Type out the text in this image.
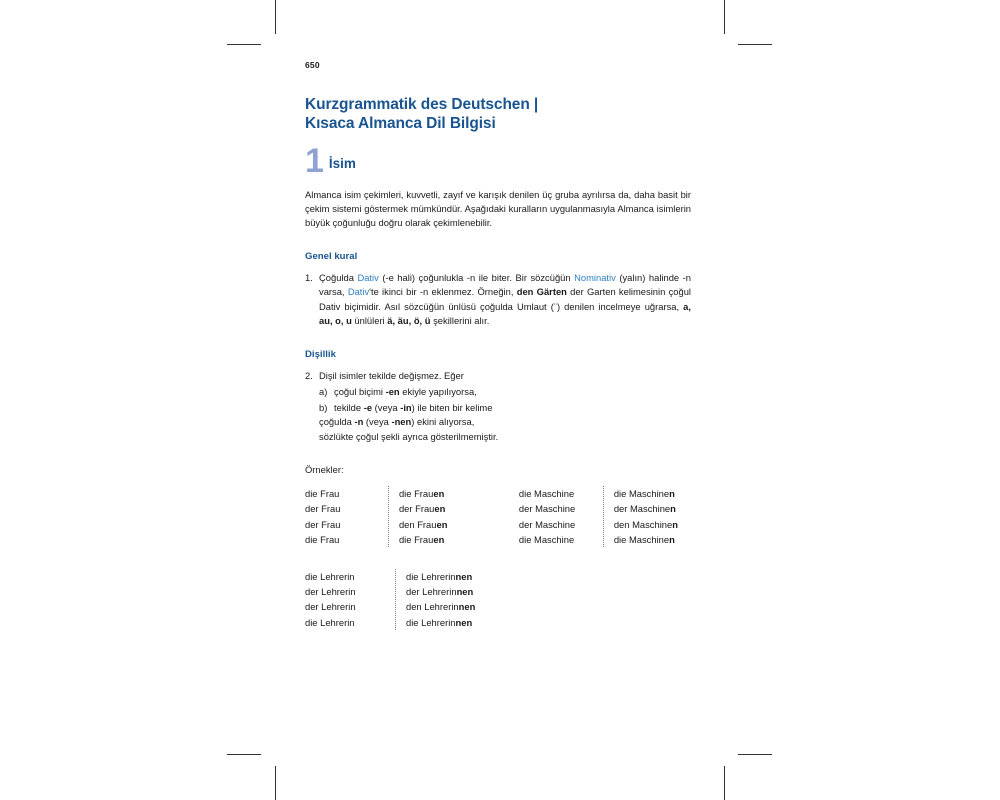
650
Kurzgrammatik des Deutschen |
Kısaca Almanca Dil Bilgisi
1 İsim

Almanca isim çekimleri, kuvvetli, zayıf ve karışık denilen üç gruba ayrılırsa da, daha basit bir çekim sistemi göstermek mümkündür. Aşağıdaki kuralların uygulanmasıyla Almanca isimlerin büyük çoğunluğu doğru olarak çekimlenebilir.

Genel kural
1. Çoğulda Dativ (-e hali) çoğunlukla -n ile biter. Bir sözcüğün Nominativ (yalın) halinde -n varsa, Dativ'te ikinci bir -n eklenmez. Örneğin, den Gärten der Garten kelimesinin çoğul Dativ biçimidir. Asıl sözcüğün ünlüsü çoğulda Umlaut (¨) denilen incelmeye uğrarsa, a, au, o, u ünlüleri ä, äu, ö, ü şekillerini alır.
Dişillik
2. Dişil isimler tekilde değişmez. Eğer
a) çoğul biçimi -en ekiyle yapılıyorsa,
b) tekilde -e (veya -in) ile biten bir kelime
çoğulda -n (veya -nen) ekini alıyorsa,
sözlükte çoğul şekli ayrıca gösterilmemiştir.
Örnekler:
die Frau
der Frau
der Frau
die Frau
die Frauen
der Frauen
den Frauen
die Frauen
die Maschine
der Maschine
der Maschine
die Maschine
die Maschinen
der Maschinen
den Maschinen
die Maschinen
die Lehrerin
der Lehrerin
der Lehrerin
die Lehrerin
die Lehrerinnen
der Lehrerinnen
den Lehrerinnen
die Lehrerinnen
